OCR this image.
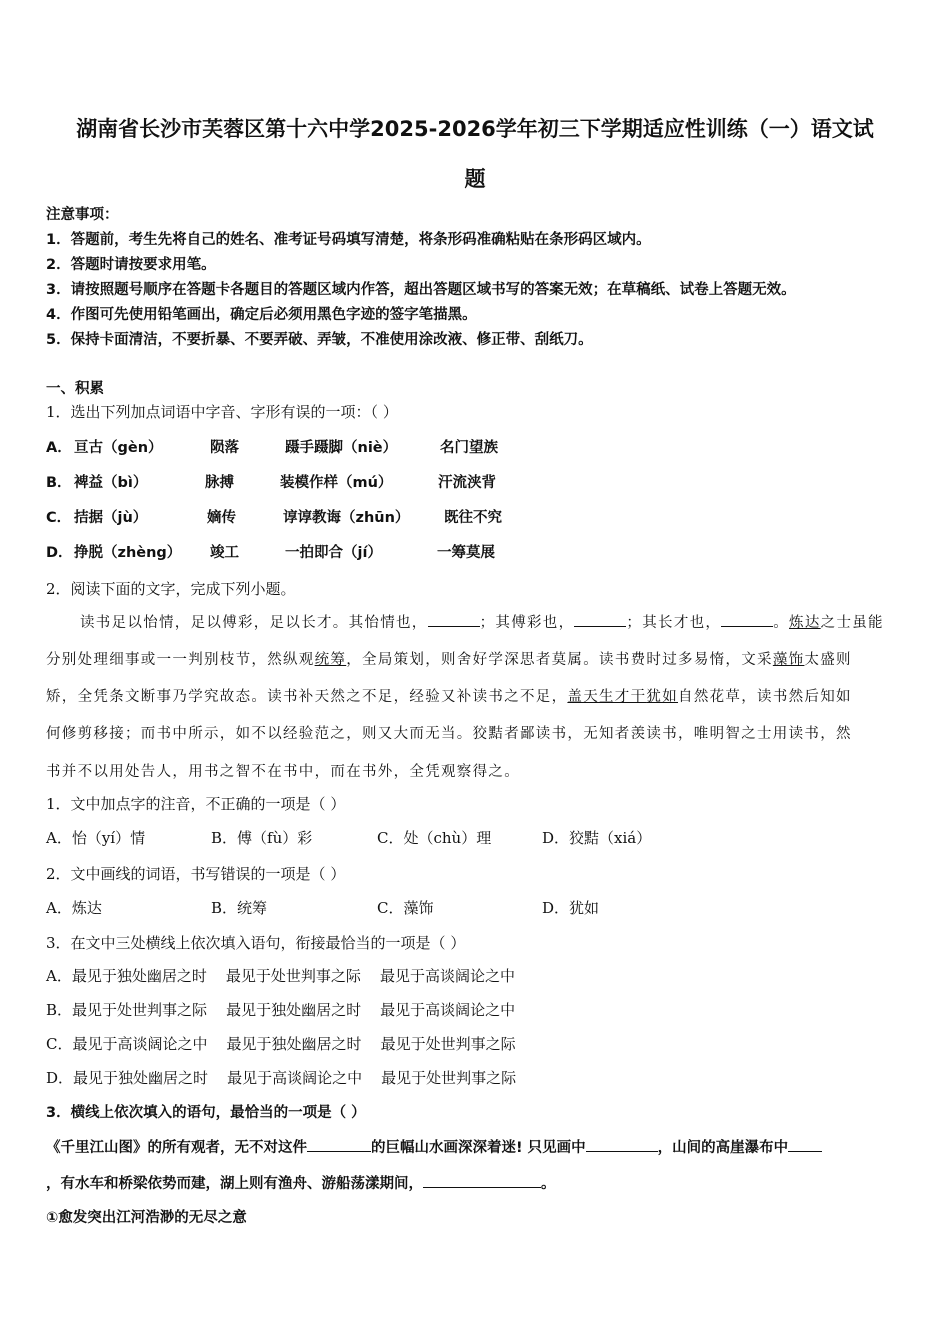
湖南省长沙市芙蓉区第十六中学2025-2026学年初三下学期适应性训练（一）语文试
题
注意事项：
1．答题前，考生先将自己的姓名、准考证号码填写清楚，将条形码准确粘贴在条形码区域内。
2．答题时请按要求用笔。
3．请按照题号顺序在答题卡各题目的答题区域内作答，超出答题区域书写的答案无效；在草稿纸、试卷上答题无效。
4．作图可先使用铅笔画出，确定后必须用黑色字迹的签字笔描黑。
5．保持卡面清洁，不要折暴、不要弄破、弄皱，不准使用涂改液、修正带、刮纸刀。
一、积累
1．选出下列加点词语中字音、字形有误的一项：（ ）
A． 亘古（gèn）	陨落	蹑手蹑脚（niè）	名门望族
B． 裨益（bì）	脉搏	装模作样（mú）	汗流浃背
C． 拮据（jù）	嫡传	谆谆教诲（zhūn） 既往不究
D． 挣脱（zhèng） 竣工	一拍即合（jí）	一筹莫展
2．阅读下面的文字，完成下列小题。
读书足以怡情，足以傅彩，足以长才。其怡情也，	；其傅彩也，	；其长才也，	。炼达之士虽能
分别处理细事或一一判别枝节，然纵观统筹，全局策划，则舍好学深思者莫属。读书费时过多易惰，文采藻饰太盛则
矫，全凭条文断事乃学究故态。读书补天然之不足，经验又补读书之不足，盖天生才干犹如自然花草，读书然后知如
何修剪移接；而书中所示，如不以经验范之，则又大而无当。狡黠者鄙读书，无知者羡读书，唯明智之士用读书，然
书并不以用处告人，用书之智不在书中，而在书外，全凭观察得之。
1．文中加点字的注音，不正确的一项是（ ）
A．怡（yí）情	B．傅（fù）彩	C．处（chù）理	D．狡黠（xiá）
2．文中画线的词语，书写错误的一项是（ ）
A．炼达	B．统筹	C．藻饰	D．犹如
3．在文中三处横线上依次填入语句，衔接最恰当的一项是（ ）
A．最见于独处幽居之时    最见于处世判事之际    最见于高谈阔论之中
B．最见于处世判事之际    最见于独处幽居之时    最见于高谈阔论之中
C．最见于高谈阔论之中    最见于独处幽居之时    最见于处世判事之际
D．最见于独处幽居之时    最见于高谈阔论之中    最见于处世判事之际
3．横线上依次填入的语句，最恰当的一项是（ ）
《千里江山图》的所有观者，无不对这件	的巨幅山水画深深着迷! 只见画中	，山间的高崖瀑布中
，有水车和桥梁依势而建，湖上则有渔舟、游船荡漾期间，	。
①愈发突出江河浩渺的无尽之意
